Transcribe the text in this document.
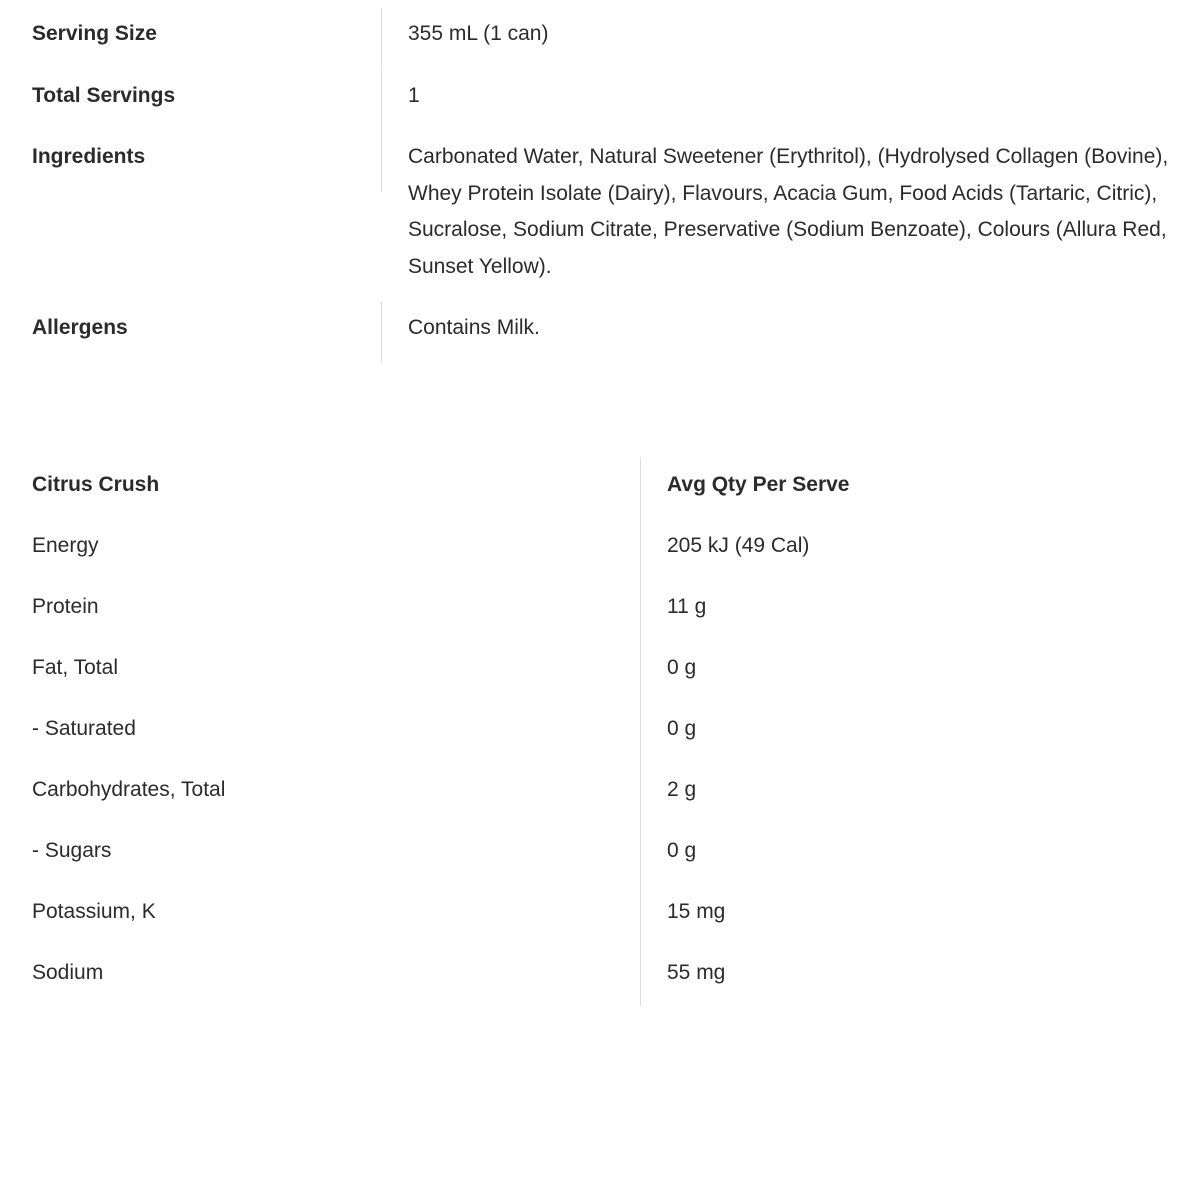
Serving Size	355 mL (1 can)
Total Servings	1
Ingredients	Carbonated Water, Natural Sweetener (Erythritol), (Hydrolysed Collagen (Bovine), Whey Protein Isolate (Dairy), Flavours, Acacia Gum, Food Acids (Tartaric, Citric), Sucralose, Sodium Citrate, Preservative (Sodium Benzoate), Colours (Allura Red, Sunset Yellow).
Allergens	Contains Milk.
Citrus Crush	Avg Qty Per Serve
Energy	205 kJ (49 Cal)
Protein	11 g
Fat, Total	0 g
- Saturated	0 g
Carbohydrates, Total	2 g
- Sugars	0 g
Potassium, K	15 mg
Sodium	55 mg
